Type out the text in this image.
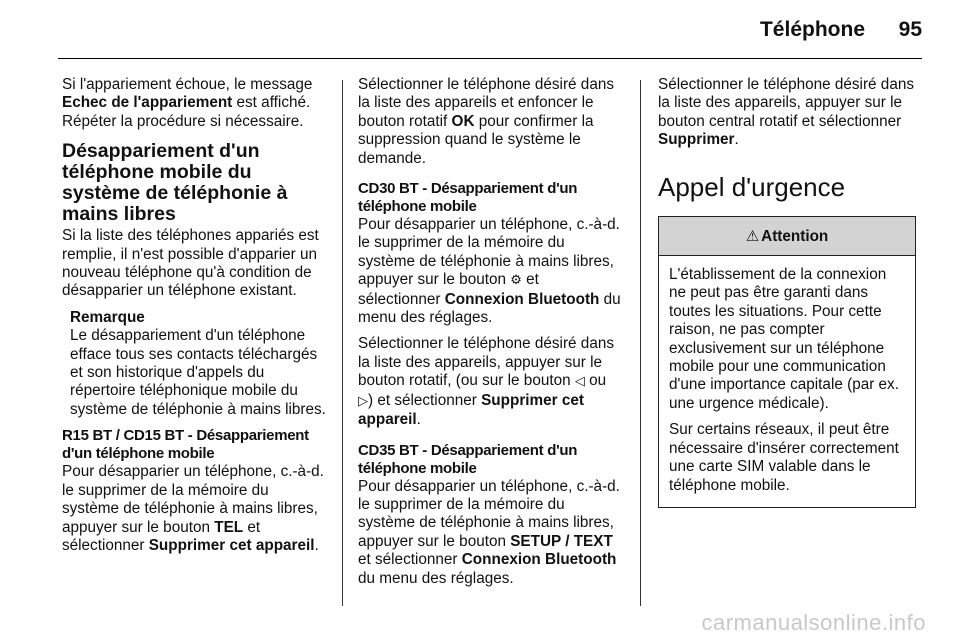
Téléphone 95

Si l'appariement échoue, le message Echec de l'appariement est affiché. Répéter la procédure si nécessaire.

Désappariement d'un téléphone mobile du système de téléphonie à mains libres

Si la liste des téléphones appariés est remplie, il n'est possible d'apparier un nouveau téléphone qu'à condition de désapparier un téléphone existant.

Remarque

Le désappariement d'un téléphone efface tous ses contacts téléchargés et son historique d'appels du répertoire téléphonique mobile du système de téléphonie à mains libres.

R15 BT / CD15 BT - Désappariement d'un téléphone mobile

Pour désapparier un téléphone, c.-à-d. le supprimer de la mémoire du système de téléphonie à mains libres, appuyer sur le bouton TEL et sélectionner Supprimer cet appareil.

Sélectionner le téléphone désiré dans la liste des appareils et enfoncer le bouton rotatif OK pour confirmer la suppression quand le système le demande.

CD30 BT - Désappariement d'un téléphone mobile

Pour désapparier un téléphone, c.-à-d. le supprimer de la mémoire du système de téléphonie à mains libres, appuyer sur le bouton ⚙ et sélectionner Connexion Bluetooth du menu des réglages.

Sélectionner le téléphone désiré dans la liste des appareils, appuyer sur le bouton rotatif, (ou sur le bouton ◁ ou ▷) et sélectionner Supprimer cet appareil.

CD35 BT - Désappariement d'un téléphone mobile

Pour désapparier un téléphone, c.-à-d. le supprimer de la mémoire du système de téléphonie à mains libres, appuyer sur le bouton SETUP / TEXT et sélectionner Connexion Bluetooth du menu des réglages.

Sélectionner le téléphone désiré dans la liste des appareils, appuyer sur le bouton central rotatif et sélectionner Supprimer.

Appel d'urgence
⚠ Attention

L'établissement de la connexion ne peut pas être garanti dans toutes les situations. Pour cette raison, ne pas compter exclusivement sur un téléphone mobile pour une communication d'une importance capitale (par ex. une urgence médicale).

Sur certains réseaux, il peut être nécessaire d'insérer correctement une carte SIM valable dans le téléphone mobile.

carmanualsonline.info
